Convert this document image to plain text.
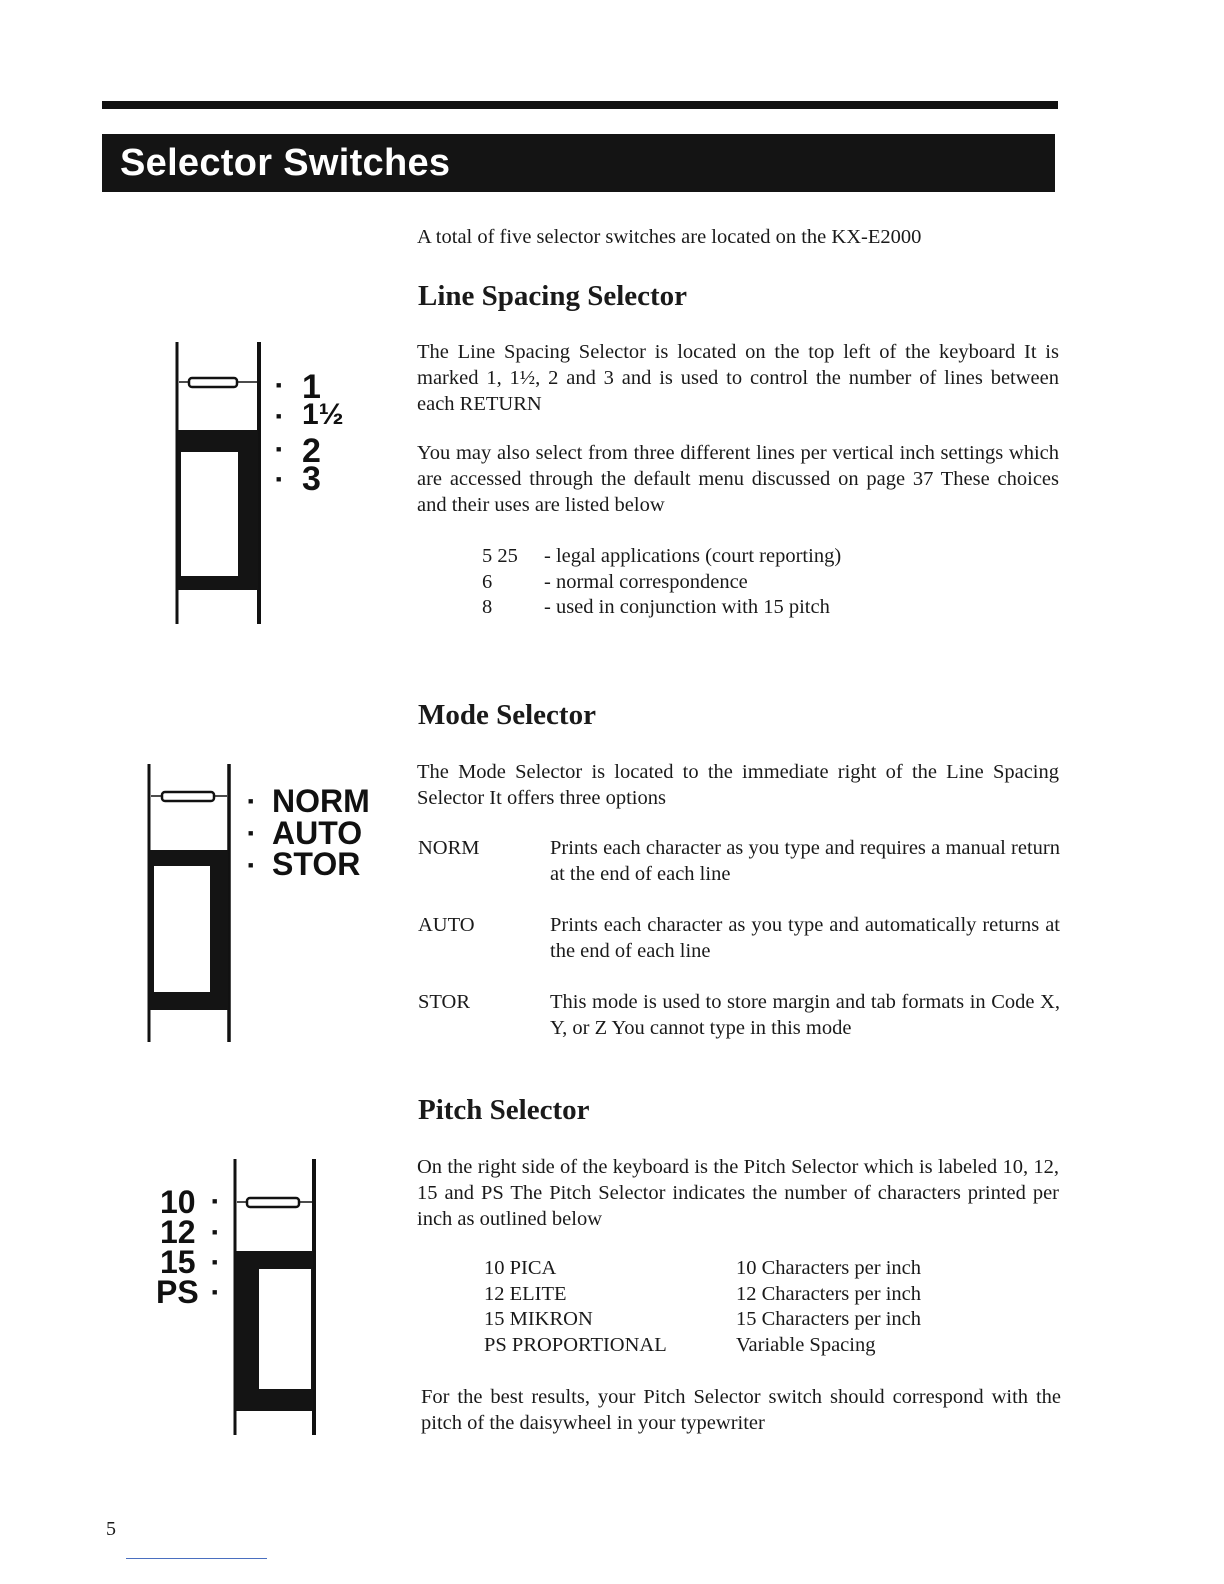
Selector Switches
A total of five selector switches are located on the KX-E2000
Line Spacing Selector

The Line Spacing Selector is located on the top left of the keyboard It is marked 1, 1½, 2 and 3 and is used to control the number of lines between each RETURN

You may also select from three different lines per vertical inch settings which are accessed through the default menu discussed on page 37 These choices and their uses are listed below

5 25	- legal applications (court reporting)
6	- normal correspondence
8	- used in conjunction with 15 pitch
■ 1
■ 1½
■ 2
■ 3
Mode Selector

The Mode Selector is located to the immediate right of the Line Spacing Selector It offers three options

NORM	Prints each character as you type and requires a manual return at the end of each line
AUTO	Prints each character as you type and automatically returns at the end of each line
STOR	This mode is used to store margin and tab formats in Code X, Y, or Z You cannot type in this mode
■ NORM
■ AUTO
■ STOR
Pitch Selector

On the right side of the keyboard is the Pitch Selector which is labeled 10, 12, 15 and PS The Pitch Selector indicates the number of characters printed per inch as outlined below

10 PICA	10 Characters per inch
12 ELITE	12 Characters per inch
15 MIKRON	15 Characters per inch
PS PROPORTIONAL	Variable Spacing

For the best results, your Pitch Selector switch should correspond with the pitch of the daisywheel in your typewriter

10 ■
12 ■
15 ■
PS ■
5
